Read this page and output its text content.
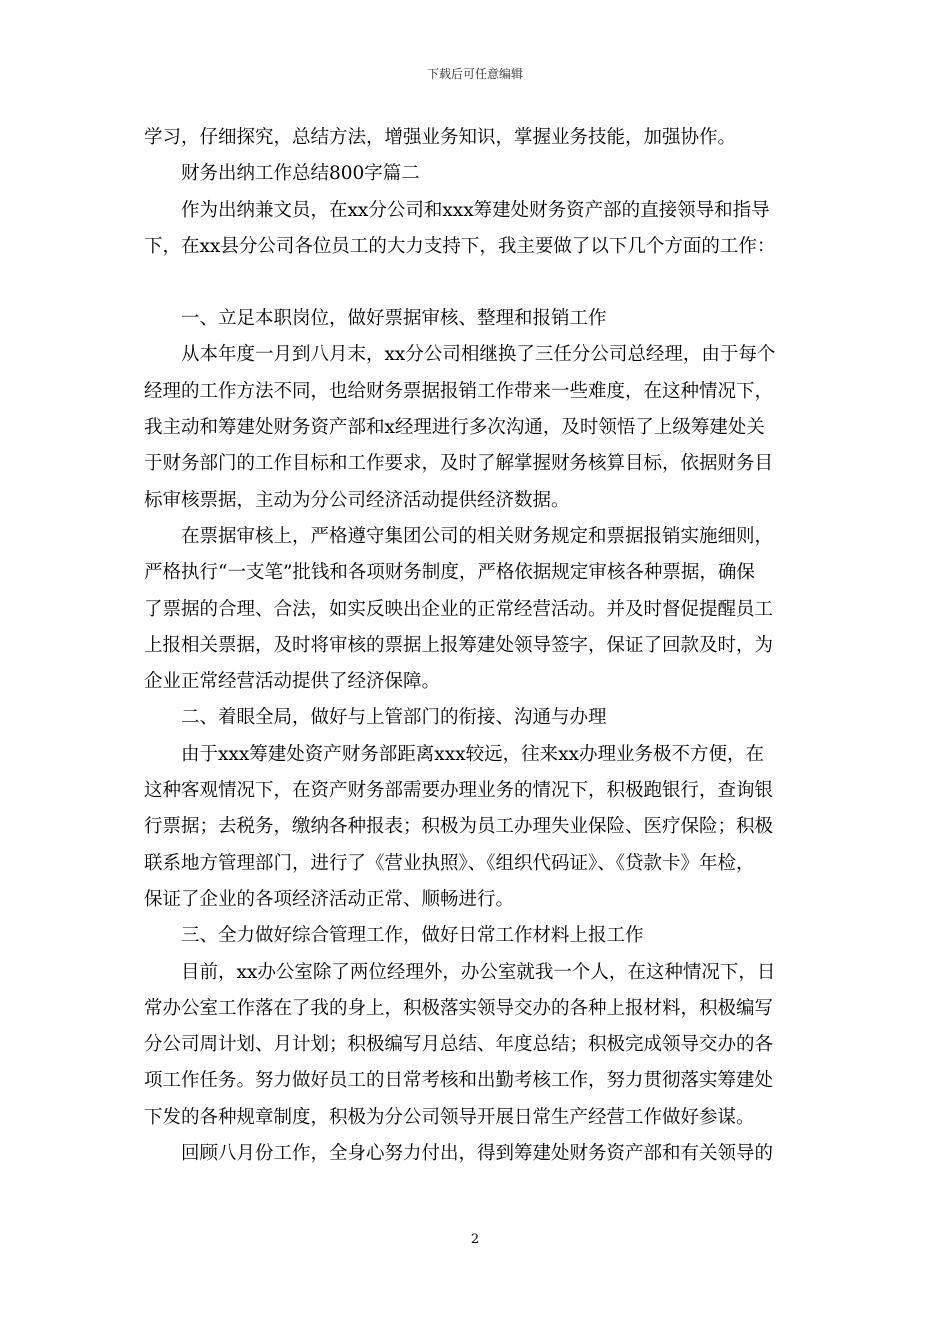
下载后可任意编辑
学习，仔细探究，总结方法，增强业务知识，掌握业务技能，加强协作。
财务出纳工作总结800字篇二
作为出纳兼文员，在xx分公司和xxx筹建处财务资产部的直接领导和指导
下，在xx县分公司各位员工的大力支持下，我主要做了以下几个方面的工作：
一、立足本职岗位，做好票据审核、整理和报销工作
从本年度一月到八月末，xx分公司相继换了三任分公司总经理，由于每个
经理的工作方法不同，也给财务票据报销工作带来一些难度，在这种情况下，
我主动和筹建处财务资产部和x经理进行多次沟通，及时领悟了上级筹建处关
于财务部门的工作目标和工作要求，及时了解掌握财务核算目标，依据财务目
标审核票据，主动为分公司经济活动提供经济数据。
在票据审核上，严格遵守集团公司的相关财务规定和票据报销实施细则，
严格执行“一支笔”批钱和各项财务制度，严格依据规定审核各种票据，确保
了票据的合理、合法，如实反映出企业的正常经营活动。并及时督促提醒员工
上报相关票据，及时将审核的票据上报筹建处领导签字，保证了回款及时，为
企业正常经营活动提供了经济保障。
二、着眼全局，做好与上管部门的衔接、沟通与办理
由于xxx筹建处资产财务部距离xxx较远，往来xx办理业务极不方便，在
这种客观情况下，在资产财务部需要办理业务的情况下，积极跑银行，查询银
行票据；去税务，缴纳各种报表；积极为员工办理失业保险、医疗保险；积极
联系地方管理部门，进行了《营业执照》、《组织代码证》、《贷款卡》年检，
保证了企业的各项经济活动正常、顺畅进行。
三、全力做好综合管理工作，做好日常工作材料上报工作
目前，xx办公室除了两位经理外，办公室就我一个人，在这种情况下，日
常办公室工作落在了我的身上，积极落实领导交办的各种上报材料，积极编写
分公司周计划、月计划；积极编写月总结、年度总结；积极完成领导交办的各
项工作任务。努力做好员工的日常考核和出勤考核工作，努力贯彻落实筹建处
下发的各种规章制度，积极为分公司领导开展日常生产经营工作做好参谋。
回顾八月份工作，全身心努力付出，得到筹建处财务资产部和有关领导的
2
